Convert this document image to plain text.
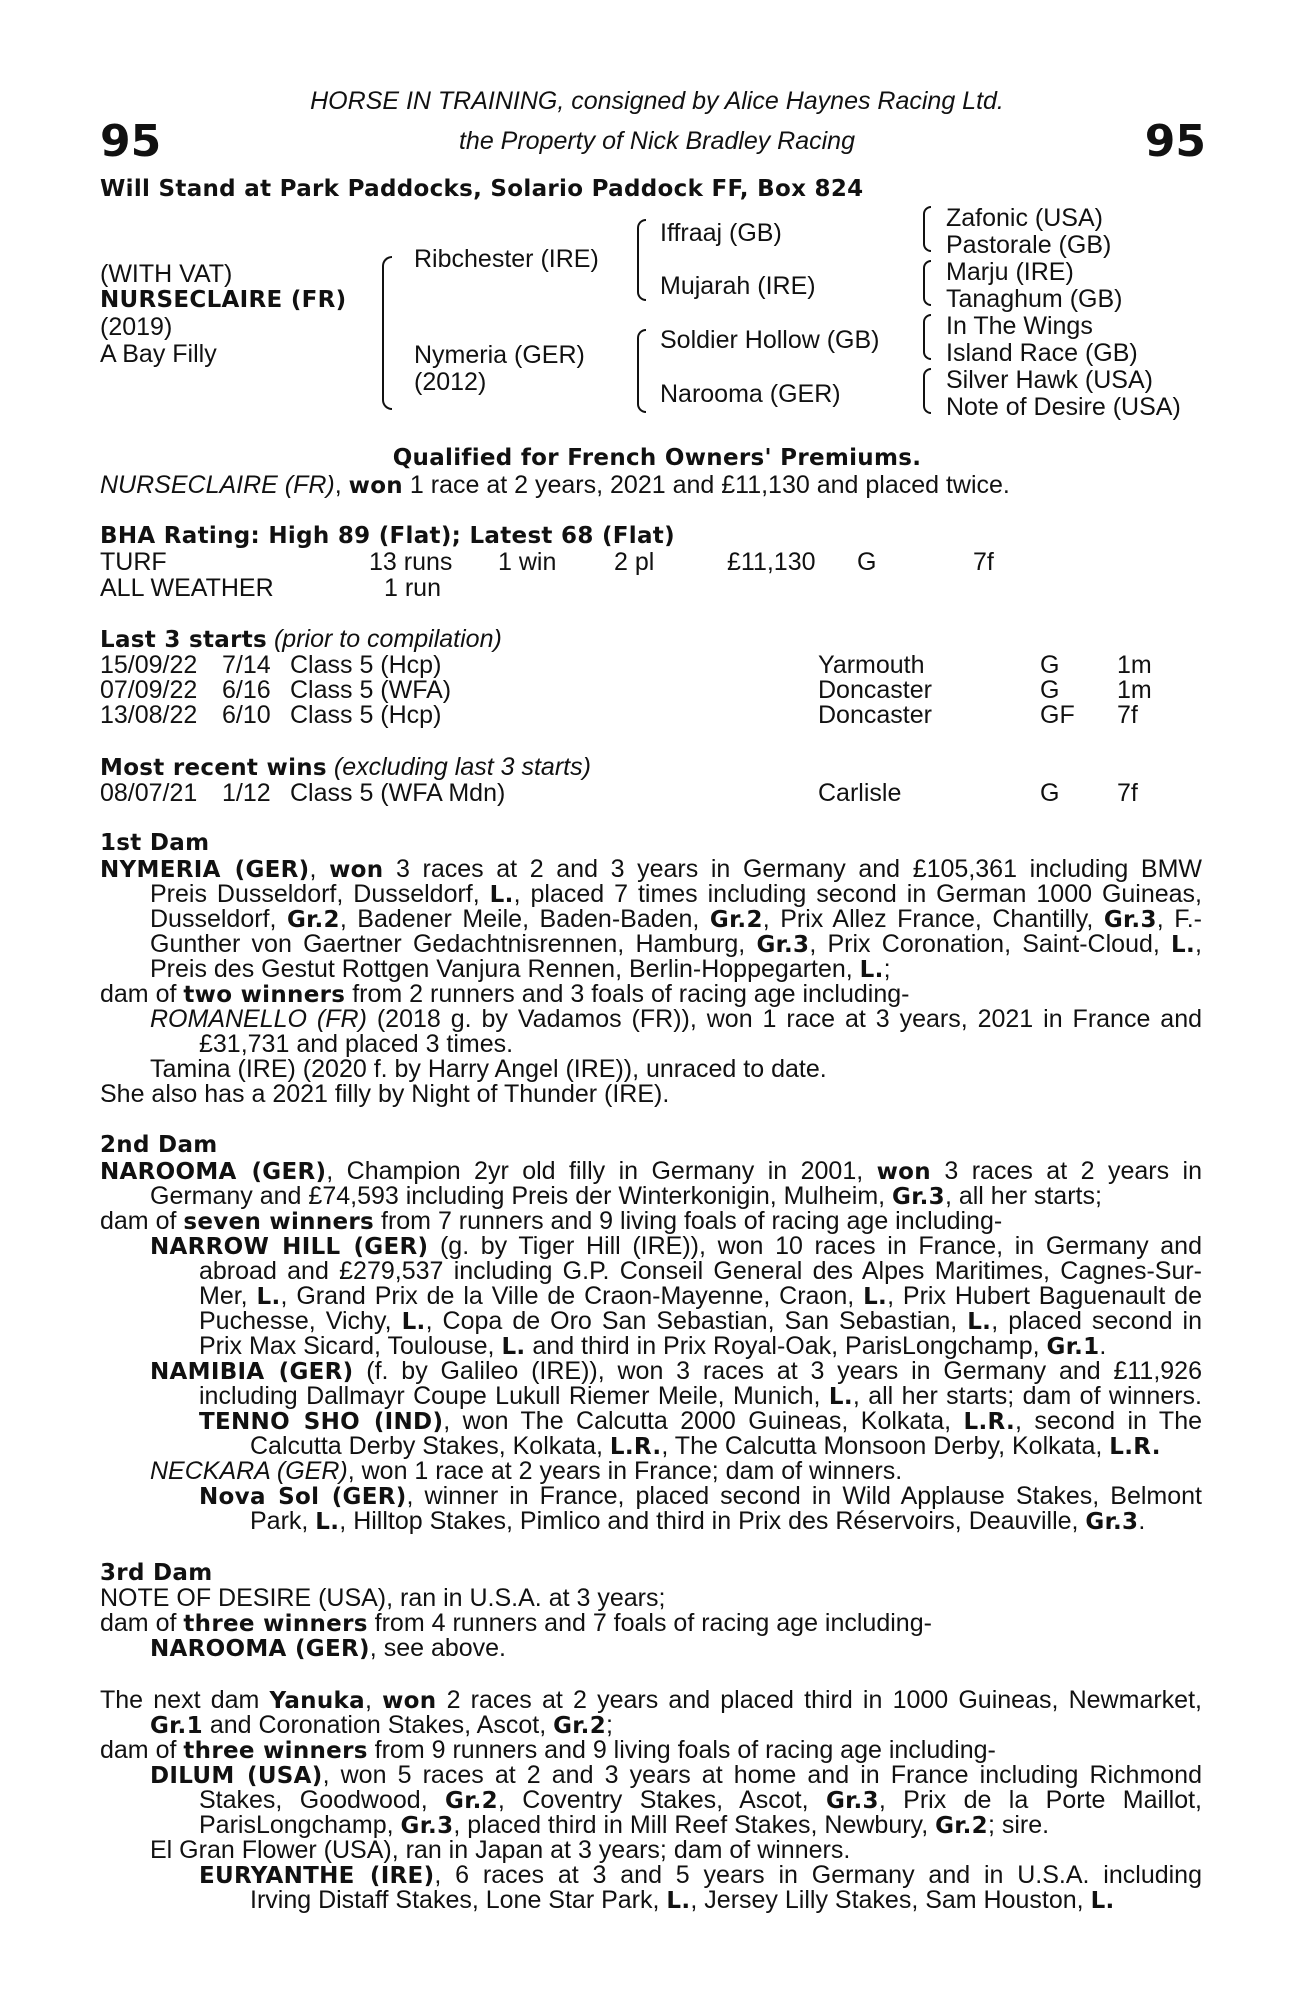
95	95
HORSE IN TRAINING, consigned by Alice Haynes Racing Ltd.
the Property of Nick Bradley Racing
Will Stand at Park Paddocks, Solario Paddock FF, Box 824
(WITH VAT)
NURSECLAIRE (FR)
(2019)
A Bay Filly
Ribchester (IRE)
Nymeria (GER)
(2012)
Iffraaj (GB)
Mujarah (IRE)
Soldier Hollow (GB)
Narooma (GER)
Zafonic (USA)
Pastorale (GB)
Marju (IRE)
Tanaghum (GB)
In The Wings
Island Race (GB)
Silver Hawk (USA)
Note of Desire (USA)
Qualified for French Owners' Premiums.
NURSECLAIRE (FR), won 1 race at 2 years, 2021 and £11,130 and placed twice.
BHA Rating: High 89 (Flat); Latest 68 (Flat)
TURF	13 runs 1 win 2 pl	£11,130 G	7f
ALL WEATHER	1 run
Last 3 starts (prior to compilation)
15/09/22 7/14 Class 5 (Hcp)	Yarmouth	G 1m
07/09/22 6/16 Class 5 (WFA)	Doncaster	G 1m
13/08/22 6/10 Class 5 (Hcp)	Doncaster	GF 7f
Most recent wins (excluding last 3 starts)
08/07/21 1/12 Class 5 (WFA Mdn)	Carlisle	G 7f
1st Dam
NYMERIA (GER), won 3 races at 2 and 3 years in Germany and £105,361 including BMW
Preis Dusseldorf, Dusseldorf, L., placed 7 times including second in German 1000 Guineas,
Dusseldorf, Gr.2, Badener Meile, Baden-Baden, Gr.2, Prix Allez France, Chantilly, Gr.3, F.-
Gunther von Gaertner Gedachtnisrennen, Hamburg, Gr.3, Prix Coronation, Saint-Cloud, L.,
Preis des Gestut Rottgen Vanjura Rennen, Berlin-Hoppegarten, L.;
dam of two winners from 2 runners and 3 foals of racing age including-
ROMANELLO (FR) (2018 g. by Vadamos (FR)), won 1 race at 3 years, 2021 in France and
£31,731 and placed 3 times.
Tamina (IRE) (2020 f. by Harry Angel (IRE)), unraced to date.
She also has a 2021 filly by Night of Thunder (IRE).
2nd Dam
NAROOMA (GER), Champion 2yr old filly in Germany in 2001, won 3 races at 2 years in
Germany and £74,593 including Preis der Winterkonigin, Mulheim, Gr.3, all her starts;
dam of seven winners from 7 runners and 9 living foals of racing age including-
NARROW HILL (GER) (g. by Tiger Hill (IRE)), won 10 races in France, in Germany and
abroad and £279,537 including G.P. Conseil General des Alpes Maritimes, Cagnes-Sur-
Mer, L., Grand Prix de la Ville de Craon-Mayenne, Craon, L., Prix Hubert Baguenault de
Puchesse, Vichy, L., Copa de Oro San Sebastian, San Sebastian, L., placed second in
Prix Max Sicard, Toulouse, L. and third in Prix Royal-Oak, ParisLongchamp, Gr.1.
NAMIBIA (GER) (f. by Galileo (IRE)), won 3 races at 3 years in Germany and £11,926
including Dallmayr Coupe Lukull Riemer Meile, Munich, L., all her starts; dam of winners.
TENNO SHO (IND), won The Calcutta 2000 Guineas, Kolkata, L.R., second in The
Calcutta Derby Stakes, Kolkata, L.R., The Calcutta Monsoon Derby, Kolkata, L.R.
NECKARA (GER), won 1 race at 2 years in France; dam of winners.
Nova Sol (GER), winner in France, placed second in Wild Applause Stakes, Belmont
Park, L., Hilltop Stakes, Pimlico and third in Prix des Réservoirs, Deauville, Gr.3.
3rd Dam
NOTE OF DESIRE (USA), ran in U.S.A. at 3 years;
dam of three winners from 4 runners and 7 foals of racing age including-
NAROOMA (GER), see above.
The next dam Yanuka, won 2 races at 2 years and placed third in 1000 Guineas, Newmarket,
Gr.1 and Coronation Stakes, Ascot, Gr.2;
dam of three winners from 9 runners and 9 living foals of racing age including-
DILUM (USA), won 5 races at 2 and 3 years at home and in France including Richmond
Stakes, Goodwood, Gr.2, Coventry Stakes, Ascot, Gr.3, Prix de la Porte Maillot,
ParisLongchamp, Gr.3, placed third in Mill Reef Stakes, Newbury, Gr.2; sire.
El Gran Flower (USA), ran in Japan at 3 years; dam of winners.
EURYANTHE (IRE), 6 races at 3 and 5 years in Germany and in U.S.A. including
Irving Distaff Stakes, Lone Star Park, L., Jersey Lilly Stakes, Sam Houston, L.
